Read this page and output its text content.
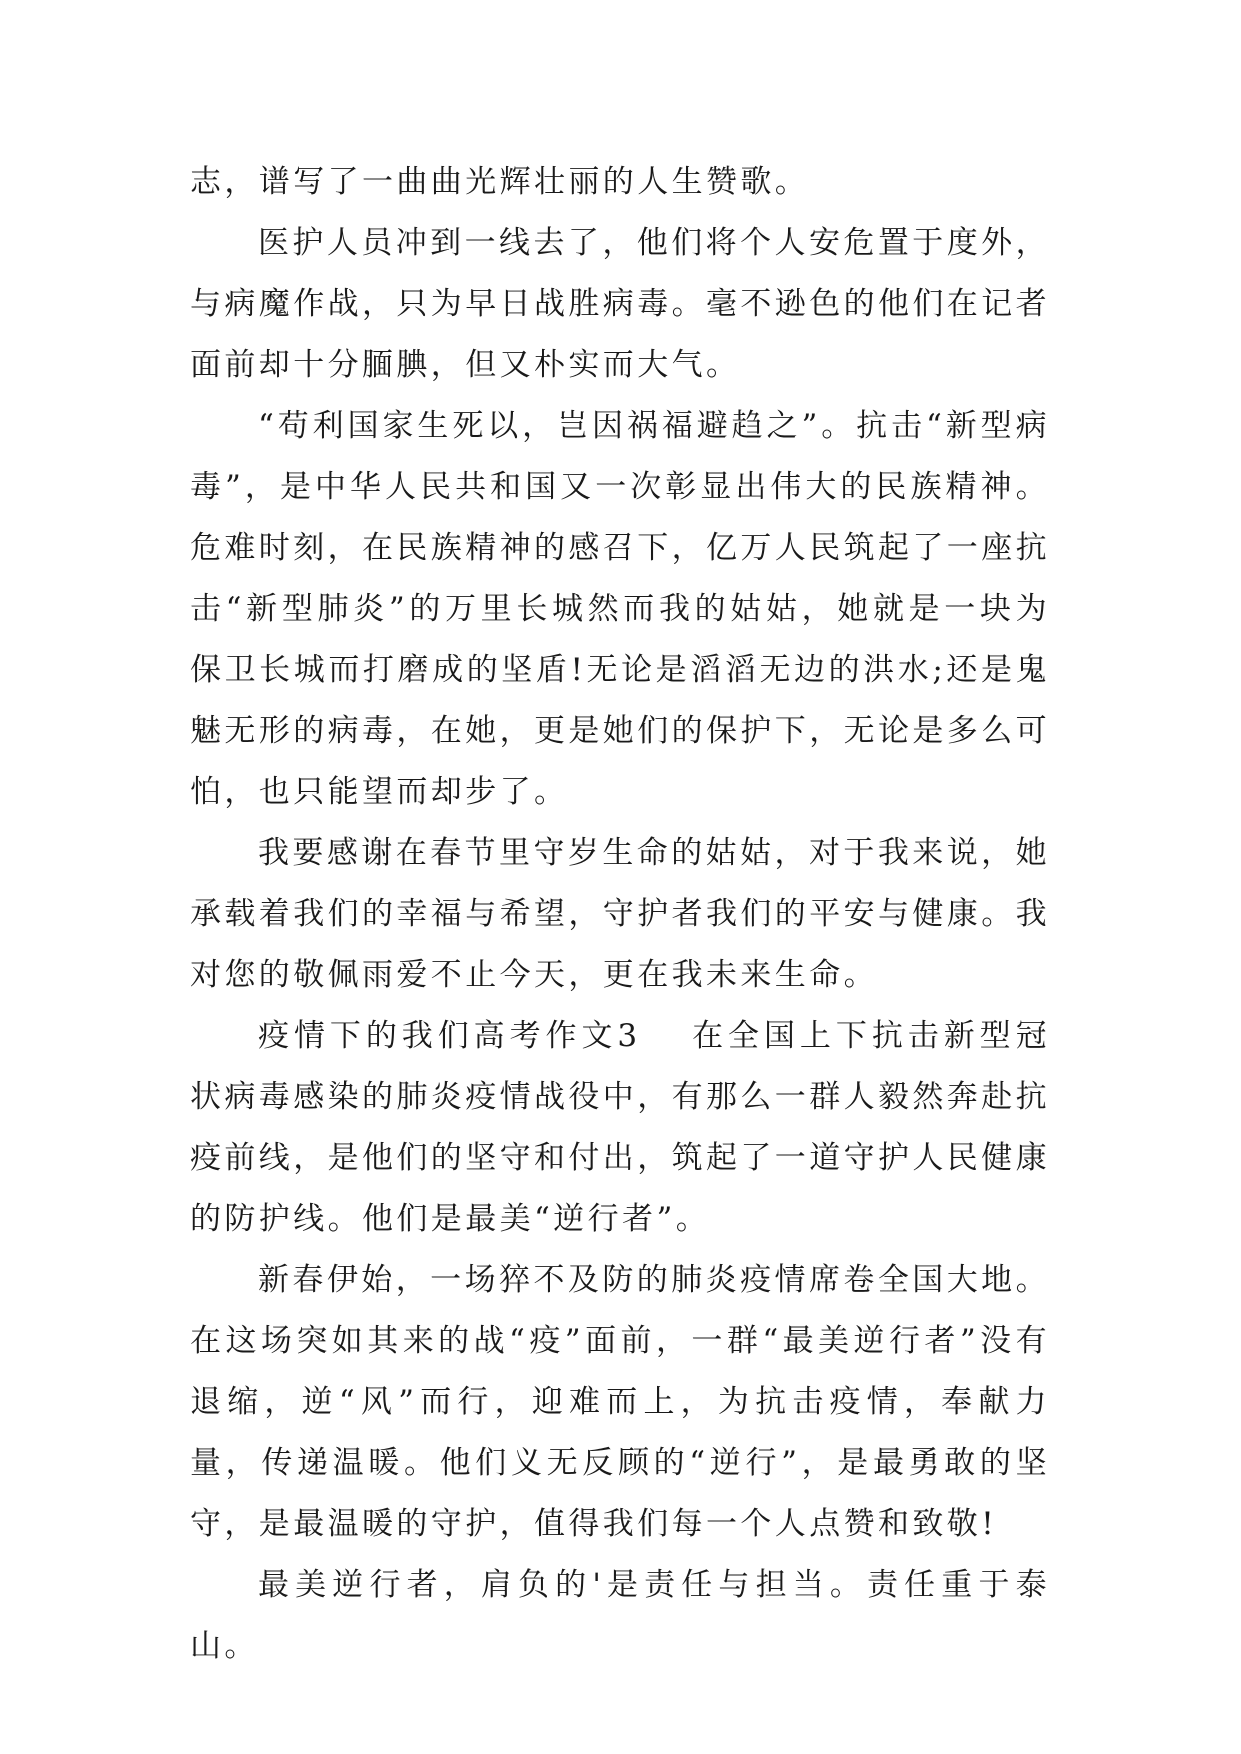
志，谱写了一曲曲光辉壮丽的人生赞歌。

医护人员冲到一线去了，他们将个人安危置于度外，与病魔作战，只为早日战胜病毒。毫不逊色的他们在记者面前却十分腼腆，但又朴实而大气。

“苟利国家生死以，岂因祸福避趋之”。抗击“新型病毒”，是中华人民共和国又一次彰显出伟大的民族精神。危难时刻，在民族精神的感召下，亿万人民筑起了一座抗击“新型肺炎”的万里长城然而我的姑姑，她就是一块为保卫长城而打磨成的坚盾!无论是滔滔无边的洪水;还是鬼魅无形的病毒，在她，更是她们的保护下，无论是多么可怕，也只能望而却步了。

我要感谢在春节里守岁生命的姑姑，对于我来说，她承载着我们的幸福与希望，守护者我们的平安与健康。我对您的敬佩雨爱不止今天，更在我未来生命。

疫情下的我们高考作文3 在全国上下抗击新型冠状病毒感染的肺炎疫情战役中，有那么一群人毅然奔赴抗疫前线，是他们的坚守和付出，筑起了一道守护人民健康的防护线。他们是最美“逆行者”。

新春伊始，一场猝不及防的肺炎疫情席卷全国大地。在这场突如其来的战“疫”面前，一群“最美逆行者”没有退缩，逆“风”而行，迎难而上，为抗击疫情，奉献力量，传递温暖。他们义无反顾的“逆行”，是最勇敢的坚守，是最温暖的守护，值得我们每一个人点赞和致敬!

最美逆行者，肩负的'是责任与担当。责任重于泰山。
